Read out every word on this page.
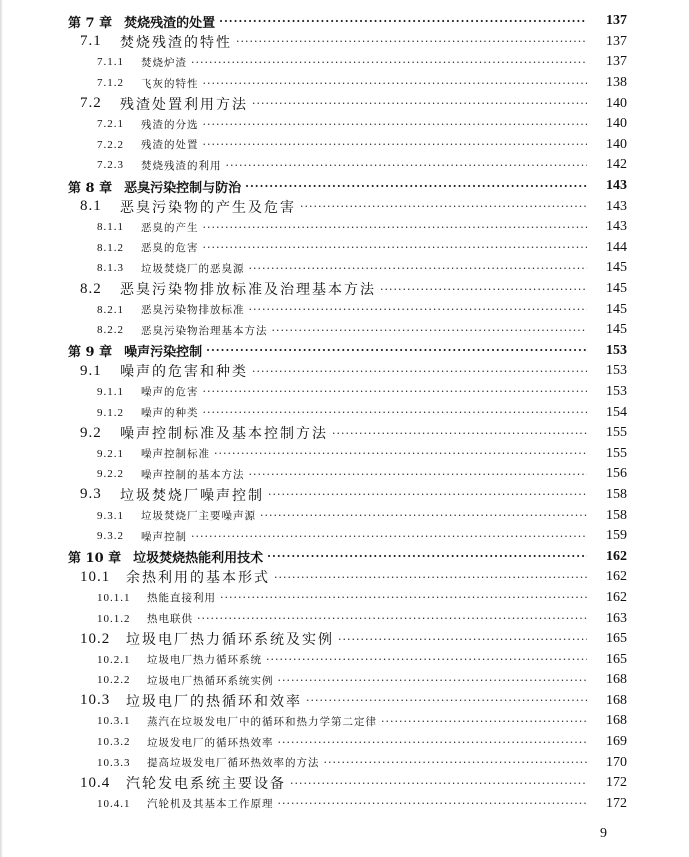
第 7 章 焚烧残渣的处置 ·····	137
7.1	焚烧残渣的特性 ·····	137
7.1.1	焚烧炉渣 ·····	137
7.1.2	飞灰的特性 ·····	138
7.2	残渣处置利用方法 ·····	140
7.2.1	残渣的分选 ·····	140
7.2.2	残渣的处置 ·····	140
7.2.3	焚烧残渣的利用 ·····	142
第 8 章 恶臭污染控制与防治 ·····	143
8.1	恶臭污染物的产生及危害 ·····	143
8.1.1	恶臭的产生 ·····	143
8.1.2	恶臭的危害 ·····	144
8.1.3	垃圾焚烧厂的恶臭源 ·····	145
8.2	恶臭污染物排放标准及治理基本方法 ·····	145
8.2.1	恶臭污染物排放标准 ·····	145
8.2.2	恶臭污染物治理基本方法 ·····	145
第 9 章 噪声污染控制 ·····	153
9.1	噪声的危害和种类 ·····	153
9.1.1	噪声的危害 ·····	153
9.1.2	噪声的种类 ·····	154
9.2	噪声控制标准及基本控制方法 ·····	155
9.2.1	噪声控制标准 ·····	155
9.2.2	噪声控制的基本方法 ·····	156
9.3	垃圾焚烧厂噪声控制 ·····	158
9.3.1	垃圾焚烧厂主要噪声源 ·····	158
9.3.2	噪声控制 ·····	159
第 10 章 垃圾焚烧热能利用技术 ·····	162
10.1	余热利用的基本形式 ·····	162
10.1.1	热能直接利用 ·····	162
10.1.2	热电联供 ·····	163
10.2	垃圾电厂热力循环系统及实例 ·····	165
10.2.1	垃圾电厂热力循环系统 ·····	165
10.2.2	垃圾电厂热循环系统实例 ·····	168
10.3	垃圾电厂的热循环和效率 ·····	168
10.3.1	蒸汽在垃圾发电厂中的循环和热力学第二定律 ·····	168
10.3.2	垃圾发电厂的循环热效率 ·····	169
10.3.3	提高垃圾发电厂循环热效率的方法 ·····	170
10.4	汽轮发电系统主要设备 ·····	172
10.4.1	汽轮机及其基本工作原理 ·····	172
9
